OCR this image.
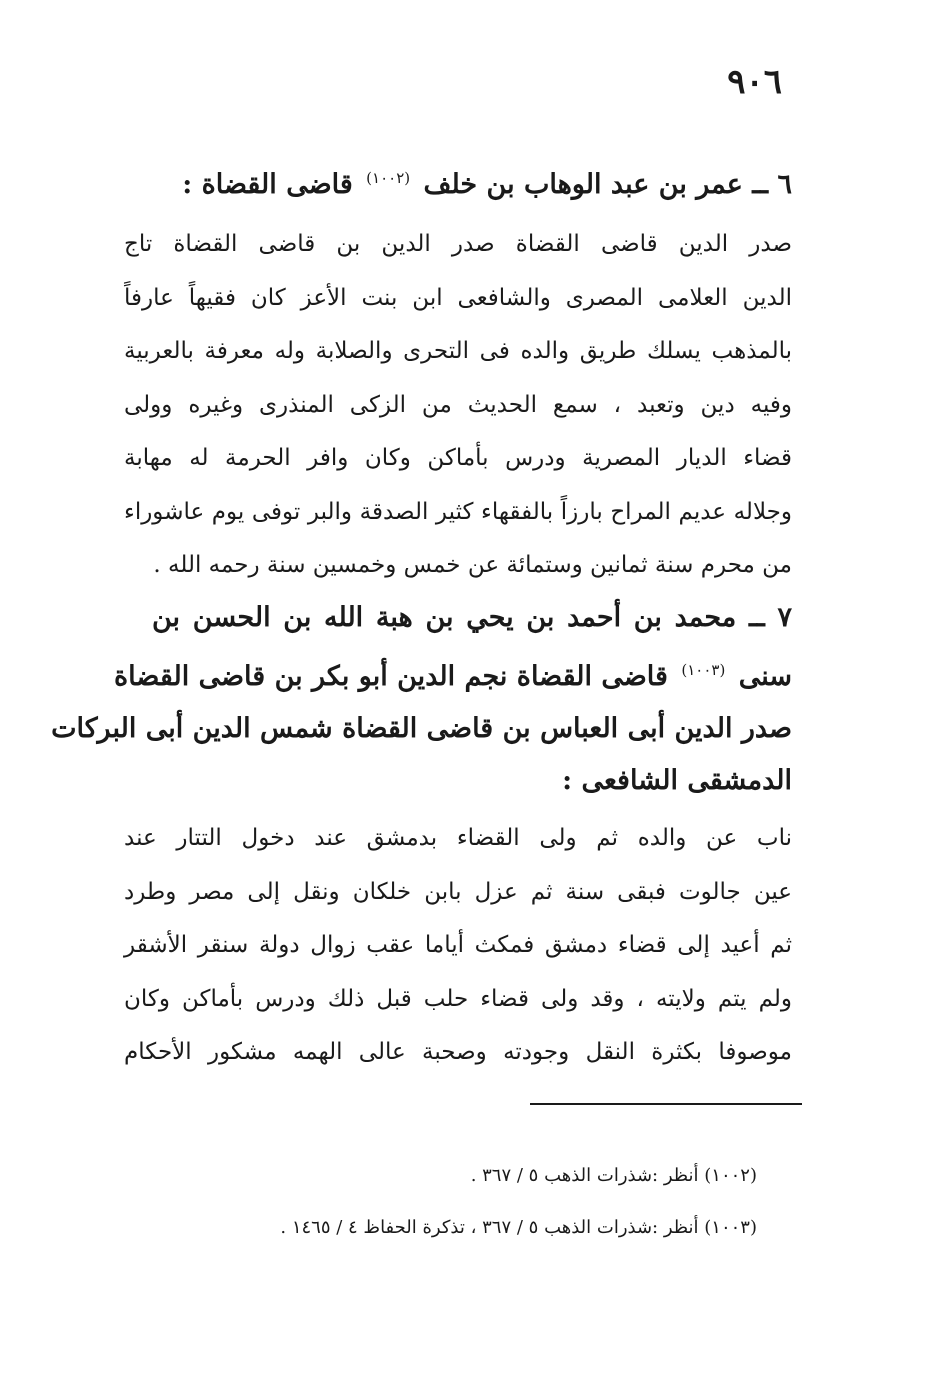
٩٠٦
٦ ــ عمر بن عبد الوهاب بن خلف $^{(١٠٠٢)}$ قاضى القضاة :
صدر الدين قاضى القضاة صدر الدين بن قاضى القضاة تاج
الدين العلامى المصرى والشافعى ابن بنت الأعز كان فقيهاً عارفاً
بالمذهب يسلك طريق والده فى التحرى والصلابة وله معرفة بالعربية
وفيه دين وتعبد ، سمع الحديث من الزكى المنذرى وغيره وولى
قضاء الديار المصرية ودرس بأماكن وكان وافر الحرمة له مهابة
وجلاله عديم المراح بارزاً بالفقهاء كثير الصدقة والبر توفى يوم عاشوراء
من محرم سنة ثمانين وستمائة عن خمس وخمسين سنة رحمه الله .
٧ ــ محمد بن أحمد بن يحي بن هبة الله بن الحسن بن
سنى $^{(١٠٠٣)}$ قاضى القضاة نجم الدين أبو بكر بن قاضى القضاة
صدر الدين أبى العباس بن قاضى القضاة شمس الدين أبى البركات
الدمشقى الشافعى :
ناب عن والده ثم ولى القضاء بدمشق عند دخول التتار عند
عين جالوت فبقى سنة ثم عزل بابن خلكان ونقل إلى مصر وطرد
ثم أعيد إلى قضاء دمشق فمكث أياما عقب زوال دولة سنقر الأشقر
ولم يتم ولايته ، وقد ولى قضاء حلب قبل ذلك ودرس بأماكن وكان
موصوفا بكثرة النقل وجودته وصحبة عالى الهمه مشكور الأحكام
(١٠٠٢) أنظر :شذرات الذهب ٥ / ٣٦٧ .
(١٠٠٣) أنظر :شذرات الذهب ٥ / ٣٦٧ ، تذكرة الحفاظ ٤ / ١٤٦٥ .
